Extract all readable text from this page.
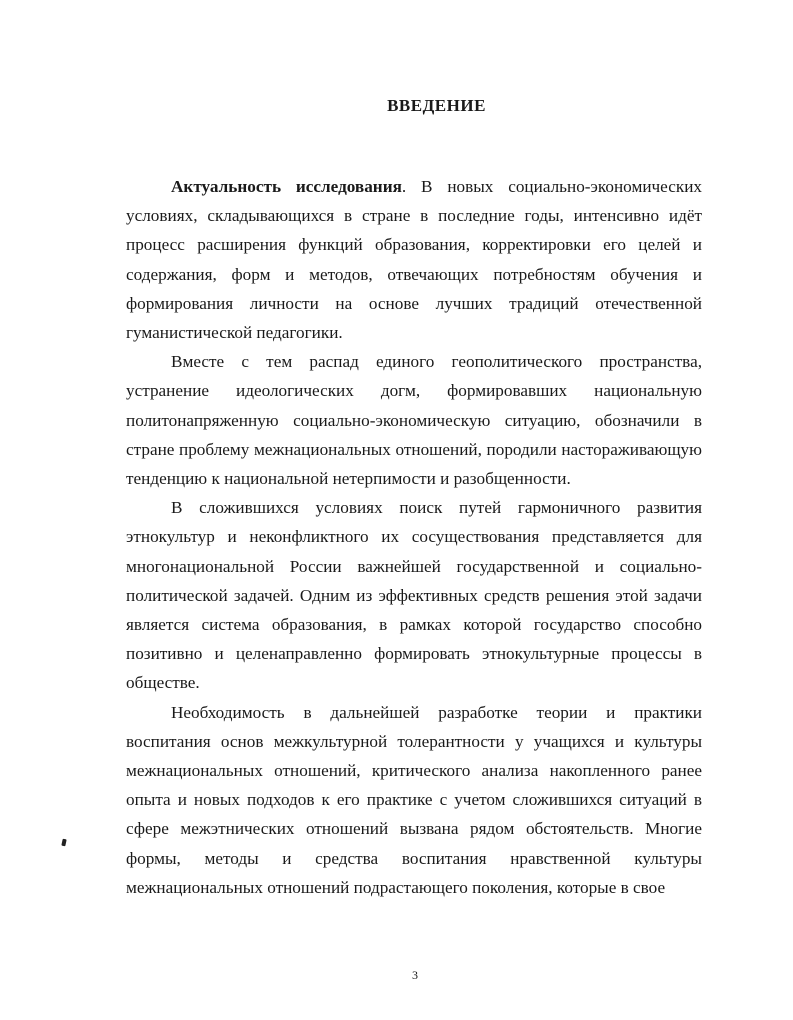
ВВЕДЕНИЕ

Актуальность исследования. В новых социально-экономических условиях, складывающихся в стране в последние годы, интенсивно идёт процесс расширения функций образования, корректировки его целей и содержания, форм и методов, отвечающих потребностям обучения и формирования личности на основе лучших традиций отечественной гуманистической педагогики.

Вместе с тем распад единого геополитического пространства, устранение идеологических догм, формировавших национальную политонапряженную социально-экономическую ситуацию, обозначили в стране проблему межнациональных отношений, породили настораживающую тенденцию к национальной нетерпимости и разобщенности.

В сложившихся условиях поиск путей гармоничного развития этнокультур и неконфликтного их сосуществования представляется для многонациональной России важнейшей государственной и социально-политической задачей. Одним из эффективных средств решения этой задачи является система образования, в рамках которой государство способно позитивно и целенаправленно формировать этнокультурные процессы в обществе.

Необходимость в дальнейшей разработке теории и практики воспитания основ межкультурной толерантности у учащихся и культуры межнациональных отношений, критического анализа накопленного ранее опыта и новых подходов к его практике с учетом сложившихся ситуаций в сфере межэтнических отношений вызвана рядом обстоятельств. Многие формы, методы и средства воспитания нравственной культуры межнациональных отношений подрастающего поколения, которые в свое

3
